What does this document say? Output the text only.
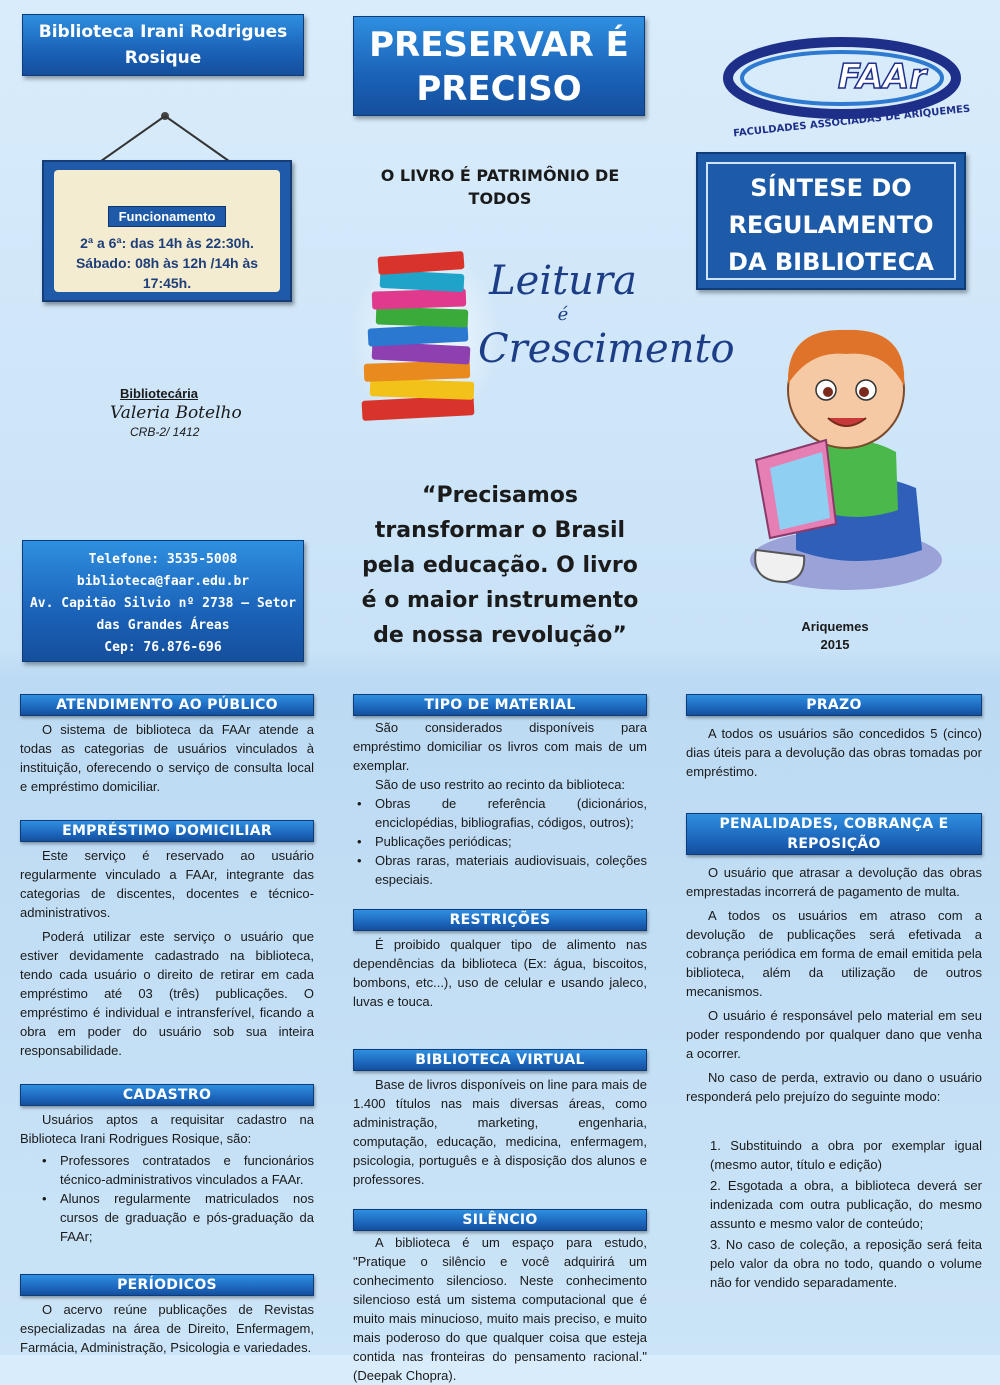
Biblioteca Irani Rodrigues Rosique
Funcionamento
2ª a 6ª: das 14h às 22:30h.
Sábado: 08h às 12h /14h às 17:45h.
Bibliotecária
Valeria Botelho
CRB-2/ 1412
Telefone: 3535-5008
biblioteca@faar.edu.br
Av. Capitão Silvio nº 2738 – Setor das Grandes Áreas
Cep: 76.876-696
PRESERVAR É PRECISO
O LIVRO É PATRIMÔNIO DE TODOS
Leitura
é
Crescimento
“Precisamos transformar o Brasil pela educação. O livro é o maior instrumento de nossa revolução”
FAAr
FACULDADES ASSOCIADAS DE ARIQUEMES
SÍNTESE DO REGULAMENTO DA BIBLIOTECA
Ariquemes
2015
ATENDIMENTO AO PÚBLICO
O sistema de biblioteca da FAAr atende a todas as categorias de usuários vinculados à instituição, oferecendo o serviço de consulta local e empréstimo domiciliar.
EMPRÉSTIMO DOMICILIAR
Este serviço é reservado ao usuário regularmente vinculado a FAAr, integrante das categorias de discentes, docentes e técnico-administrativos.
Poderá utilizar este serviço o usuário que estiver devidamente cadastrado na biblioteca, tendo cada usuário o direito de retirar em cada empréstimo até 03 (três) publicações. O empréstimo é individual e intransferível, ficando a obra em poder do usuário sob sua inteira responsabilidade.
CADASTRO
Usuários aptos a requisitar cadastro na Biblioteca Irani Rodrigues Rosique, são:
• Professores contratados e funcionários técnico-administrativos vinculados a FAAr.
• Alunos regularmente matriculados nos cursos de graduação e pós-graduação da FAAr;
PERÍODICOS
O acervo reúne publicações de Revistas especializadas na área de Direito, Enfermagem, Farmácia, Administração, Psicologia e variedades.
TIPO DE MATERIAL
São considerados disponíveis para empréstimo domiciliar os livros com mais de um exemplar.
São de uso restrito ao recinto da biblioteca:
• Obras de referência (dicionários, enciclopédias, bibliografias, códigos, outros);
• Publicações periódicas;
• Obras raras, materiais audiovisuais, coleções especiais.
RESTRIÇÕES
É proibido qualquer tipo de alimento nas dependências da biblioteca (Ex: água, biscoitos, bombons, etc...), uso de celular e usando jaleco, luvas e touca.
BIBLIOTECA VIRTUAL
Base de livros disponíveis on line para mais de 1.400 títulos nas mais diversas áreas, como administração, marketing, engenharia, computação, educação, medicina, enfermagem, psicologia, português e à disposição dos alunos e professores.
SILÊNCIO
A biblioteca é um espaço para estudo, "Pratique o silêncio e você adquirirá um conhecimento silencioso. Neste conhecimento silencioso está um sistema computacional que é muito mais minucioso, muito mais preciso, e muito mais poderoso do que qualquer coisa que esteja contida nas fronteiras do pensamento racional." (Deepak Chopra).
PRAZO
A todos os usuários são concedidos 5 (cinco) dias úteis para a devolução das obras tomadas por empréstimo.
PENALIDADES, COBRANÇA E REPOSIÇÃO
O usuário que atrasar a devolução das obras emprestadas incorrerá de pagamento de multa.
A todos os usuários em atraso com a devolução de publicações será efetivada a cobrança periódica em forma de email emitida pela biblioteca, além da utilização de outros mecanismos.
O usuário é responsável pelo material em seu poder respondendo por qualquer dano que venha a ocorrer.
No caso de perda, extravio ou dano o usuário responderá pelo prejuízo do seguinte modo:
1. Substituindo a obra por exemplar igual (mesmo autor, título e edição)
2. Esgotada a obra, a biblioteca deverá ser indenizada com outra publicação, do mesmo assunto e mesmo valor de conteúdo;
3. No caso de coleção, a reposição será feita pelo valor da obra no todo, quando o volume não for vendido separadamente.
